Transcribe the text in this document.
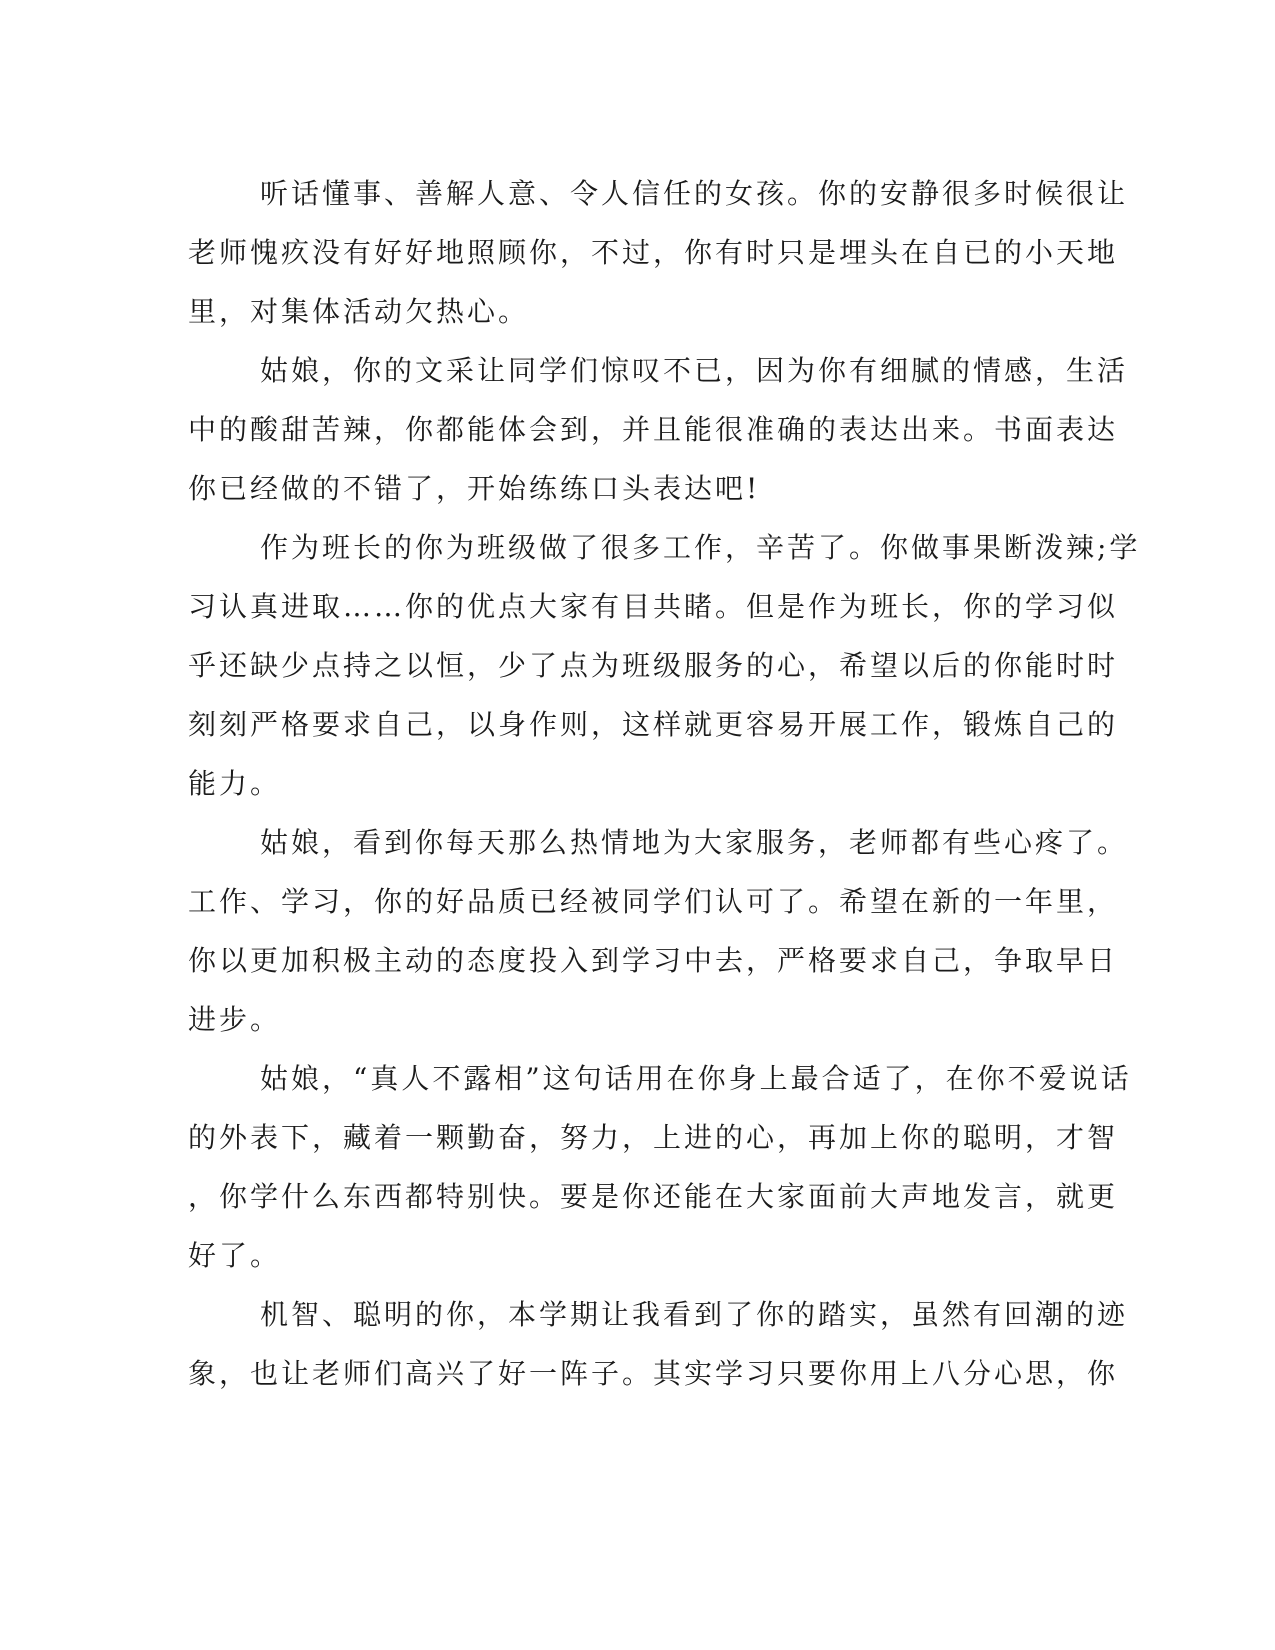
听话懂事、善解人意、令人信任的女孩。你的安静很多时候很让
老师愧疚没有好好地照顾你，不过，你有时只是埋头在自已的小天地
里，对集体活动欠热心。
姑娘，你的文采让同学们惊叹不已，因为你有细腻的情感，生活
中的酸甜苦辣，你都能体会到，并且能很准确的表达出来。书面表达
你已经做的不错了，开始练练口头表达吧!
作为班长的你为班级做了很多工作，辛苦了。你做事果断泼辣;学
习认真进取……你的优点大家有目共睹。但是作为班长，你的学习似
乎还缺少点持之以恒，少了点为班级服务的心，希望以后的你能时时
刻刻严格要求自己，以身作则，这样就更容易开展工作，锻炼自己的
能力。
姑娘，看到你每天那么热情地为大家服务，老师都有些心疼了。
工作、学习，你的好品质已经被同学们认可了。希望在新的一年里，
你以更加积极主动的态度投入到学习中去，严格要求自己，争取早日
进步。
姑娘，“真人不露相”这句话用在你身上最合适了，在你不爱说话
的外表下，藏着一颗勤奋，努力，上进的心，再加上你的聪明，才智
，你学什么东西都特别快。要是你还能在大家面前大声地发言，就更
好了。
机智、聪明的你，本学期让我看到了你的踏实，虽然有回潮的迹
象，也让老师们高兴了好一阵子。其实学习只要你用上八分心思，你
